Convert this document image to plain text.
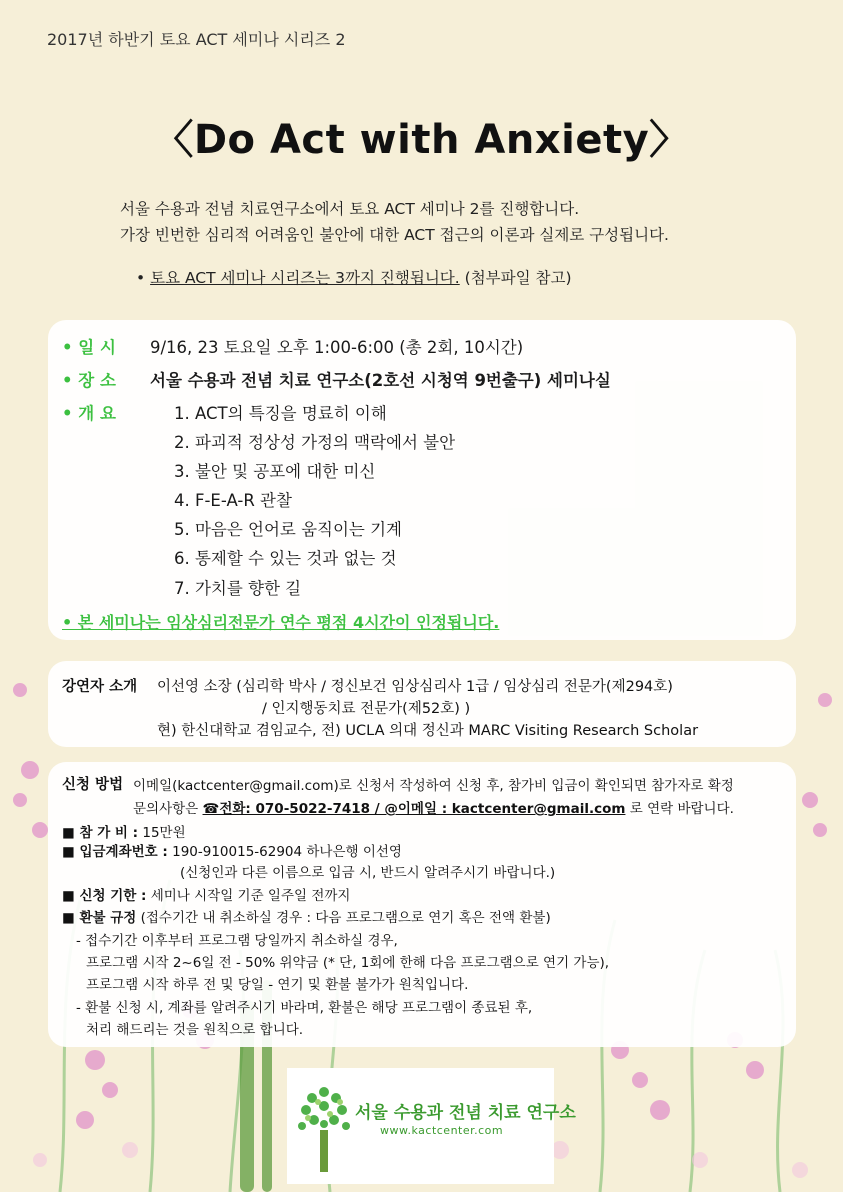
2017년 하반기 토요 ACT 세미나 시리즈 2
〈Do Act with Anxiety〉
서울 수용과 전념 치료연구소에서 토요 ACT 세미나 2를 진행합니다.
가장 빈번한 심리적 어려움인 불안에 대한 ACT 접근의 이론과 실제로 구성됩니다.
• 토요 ACT 세미나 시리즈는 3까지 진행됩니다. (첨부파일 참고)
• 일 시 9/16, 23 토요일 오후 1:00-6:00 (총 2회, 10시간)
• 장 소 서울 수용과 전념 치료 연구소(2호선 시청역 9번출구) 세미나실
• 개 요	1. ACT의 특징을 명료히 이해
2. 파괴적 정상성 가정의 맥락에서 불안
3. 불안 및 공포에 대한 미신
4. F-E-A-R 관찰
5. 마음은 언어로 움직이는 기계
6. 통제할 수 있는 것과 없는 것
7. 가치를 향한 길
• 본 세미나는 임상심리전문가 연수 평점 4시간이 인정됩니다.
강연자 소개 이선영 소장 (심리학 박사 / 정신보건 임상심리사 1급 / 임상심리 전문가(제294호)
/ 인지행동치료 전문가(제52호) )
현) 한신대학교 겸임교수, 전) UCLA 의대 정신과 MARC Visiting Research Scholar
신청 방법 이메일(kactcenter@gmail.com)로 신청서 작성하여 신청 후, 참가비 입금이 확인되면 참가자로 확정
문의사항은 ☎전화: 070-5022-7418 / @이메일 : kactcenter@gmail.com 로 연락 바랍니다.
■ 참 가 비 : 15만원
■ 입금계좌번호 : 190-910015-62904 하나은행 이선영
(신청인과 다른 이름으로 입금 시, 반드시 알려주시기 바랍니다.)
■ 신청 기한 : 세미나 시작일 기준 일주일 전까지
■ 환불 규정 (접수기간 내 취소하실 경우 : 다음 프로그램으로 연기 혹은 전액 환불)
- 접수기간 이후부터 프로그램 당일까지 취소하실 경우,
프로그램 시작 2~6일 전 - 50% 위약금 (* 단, 1회에 한해 다음 프로그램으로 연기 가능),
프로그램 시작 하루 전 및 당일 - 연기 및 환불 불가가 원칙입니다.
- 환불 신청 시, 계좌를 알려주시기 바라며, 환불은 해당 프로그램이 종료된 후,
처리 해드리는 것을 원칙으로 합니다.
서울 수용과 전념 치료 연구소
www.kactcenter.com
